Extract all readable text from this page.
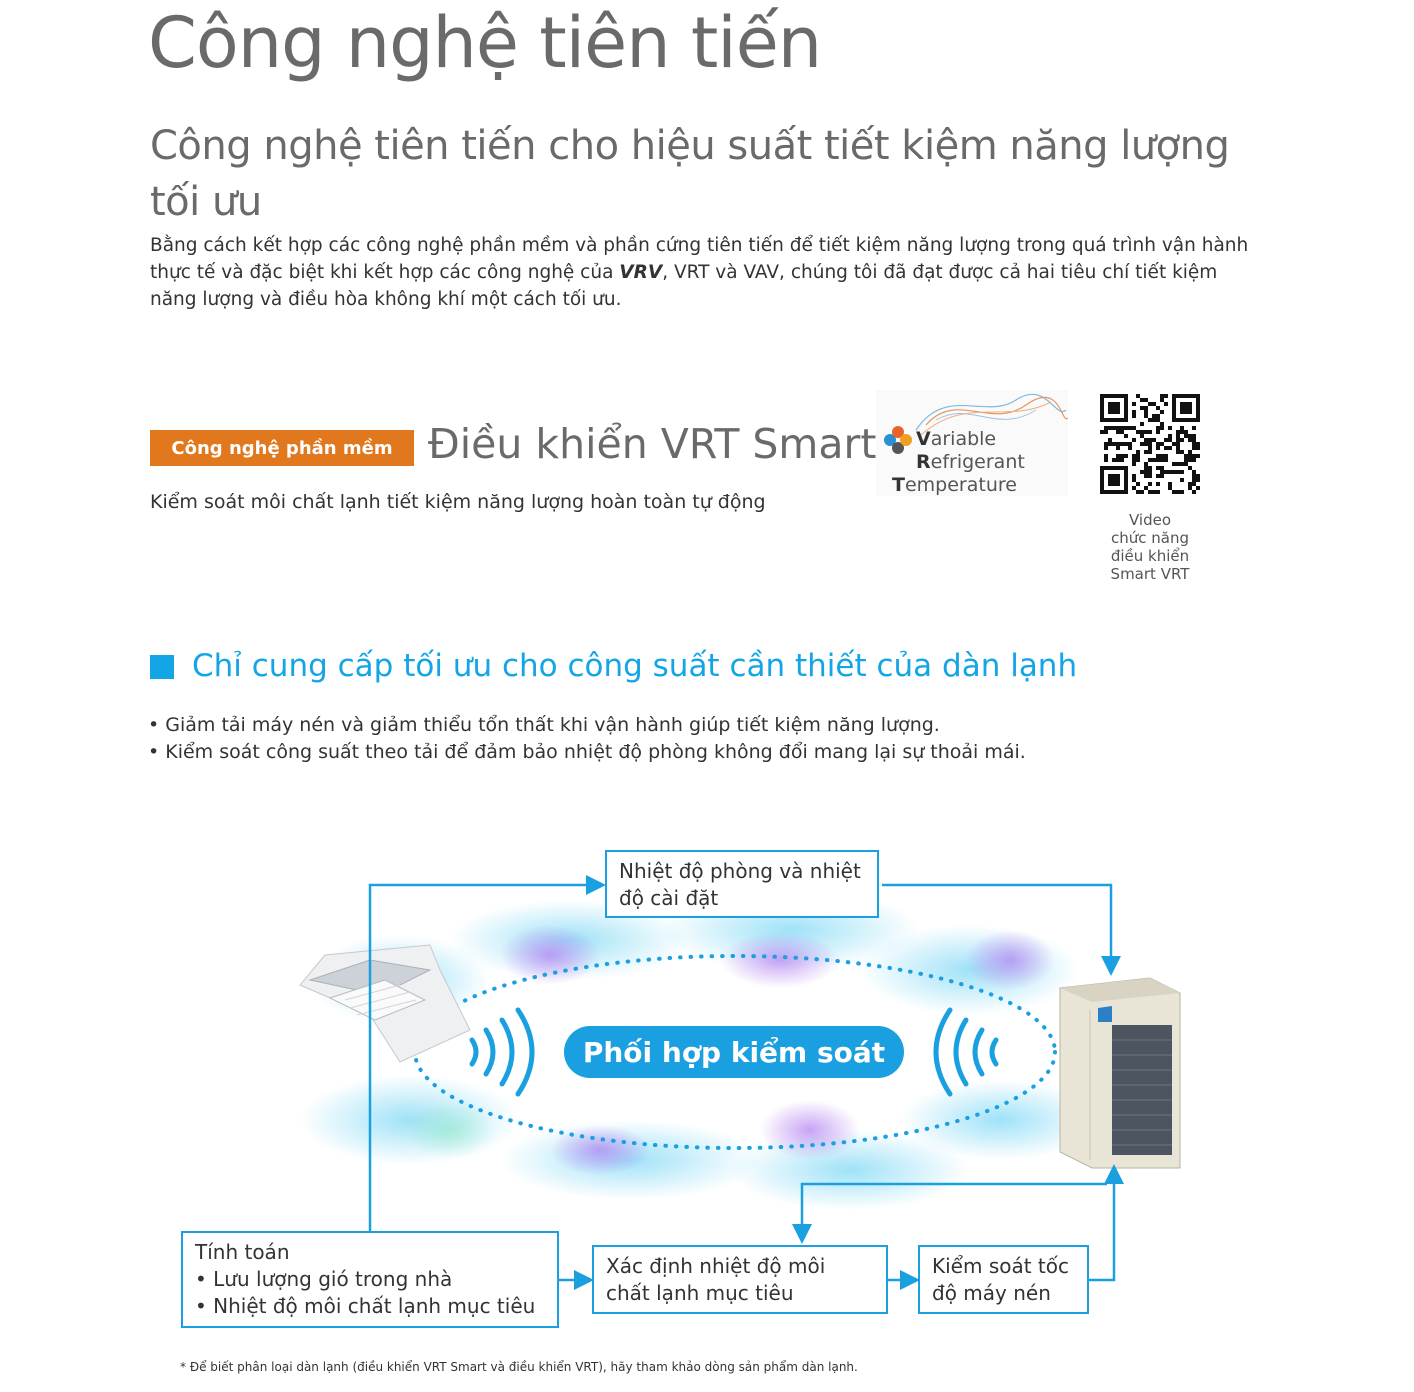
Công nghệ tiên tiến
Công nghệ tiên tiến cho hiệu suất tiết kiệm năng lượng tối ưu

Bằng cách kết hợp các công nghệ phần mềm và phần cứng tiên tiến để tiết kiệm năng lượng trong quá trình vận hành thực tế và đặc biệt khi kết hợp các công nghệ của VRV, VRT và VAV, chúng tôi đã đạt được cả hai tiêu chí tiết kiệm năng lượng và điều hòa không khí một cách tối ưu.

Công nghệ phần mềm Điều khiển VRT Smart
Kiểm soát môi chất lạnh tiết kiệm năng lượng hoàn toàn tự động
Variable
Refrigerant
Temperature
Video
chức năng
điều khiển
Smart VRT
Chỉ cung cấp tối ưu cho công suất cần thiết của dàn lạnh
• Giảm tải máy nén và giảm thiểu tổn thất khi vận hành giúp tiết kiệm năng lượng.
• Kiểm soát công suất theo tải để đảm bảo nhiệt độ phòng không đổi mang lại sự thoải mái.
Nhiệt độ phòng và nhiệt độ cài đặt
Phối hợp kiểm soát
Tính toán
• Lưu lượng gió trong nhà
• Nhiệt độ môi chất lạnh mục tiêu
Xác định nhiệt độ môi chất lạnh mục tiêu
Kiểm soát tốc độ máy nén
* Để biết phân loại dàn lạnh (điều khiển VRT Smart và điều khiển VRT), hãy tham khảo dòng sản phẩm dàn lạnh.
